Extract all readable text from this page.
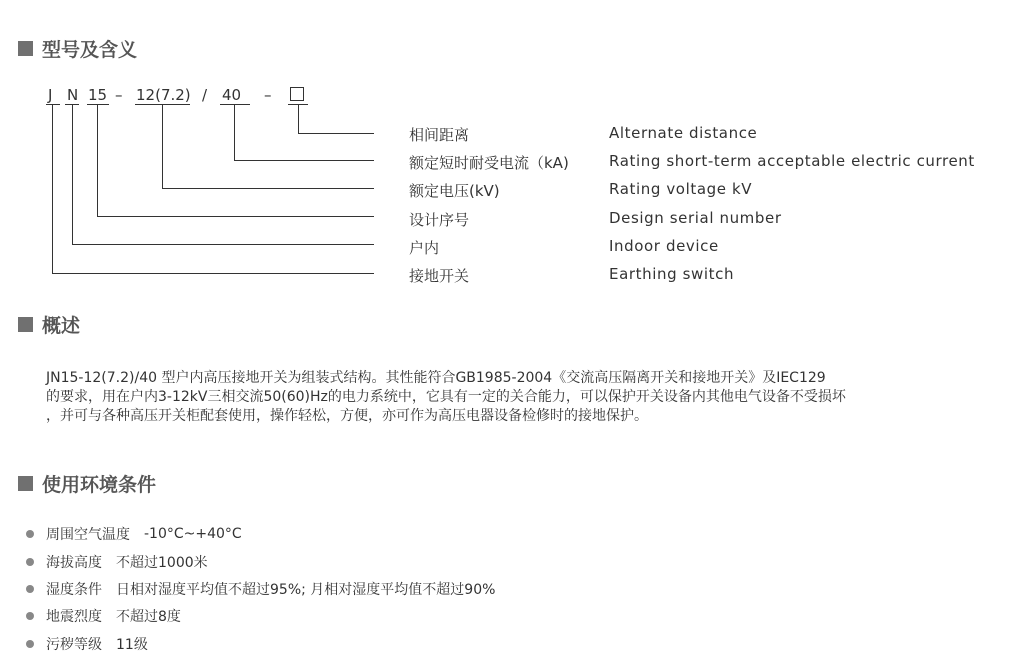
型号及含义
J N 15 – 12(7.2) / 40 –
相间距离	Alternate distance
额定短时耐受电流（kA)	Rating short-term acceptable electric current
额定电压(kV)	Rating voltage kV
设计序号	Design serial number
户内	Indoor device
接地开关	Earthing switch
概述

JN15-12(7.2)/40 型户内高压接地开关为组装式结构。其性能符合GB1985-2004《交流高压隔离开关和接地开关》及IEC129

的要求，用在户内3-12kV三相交流50(60)Hz的电力系统中，它具有一定的关合能力，可以保护开关设备内其他电气设备不受损坏

，并可与各种高压开关柜配套使用，操作轻松，方便，亦可作为高压电器设备检修时的接地保护。

使用环境条件
周围空气温度 -10°C~+40°C
海拔高度 不超过1000米
湿度条件 日相对湿度平均值不超过95%; 月相对湿度平均值不超过90%
地震烈度 不超过8度
污秽等级 11级
